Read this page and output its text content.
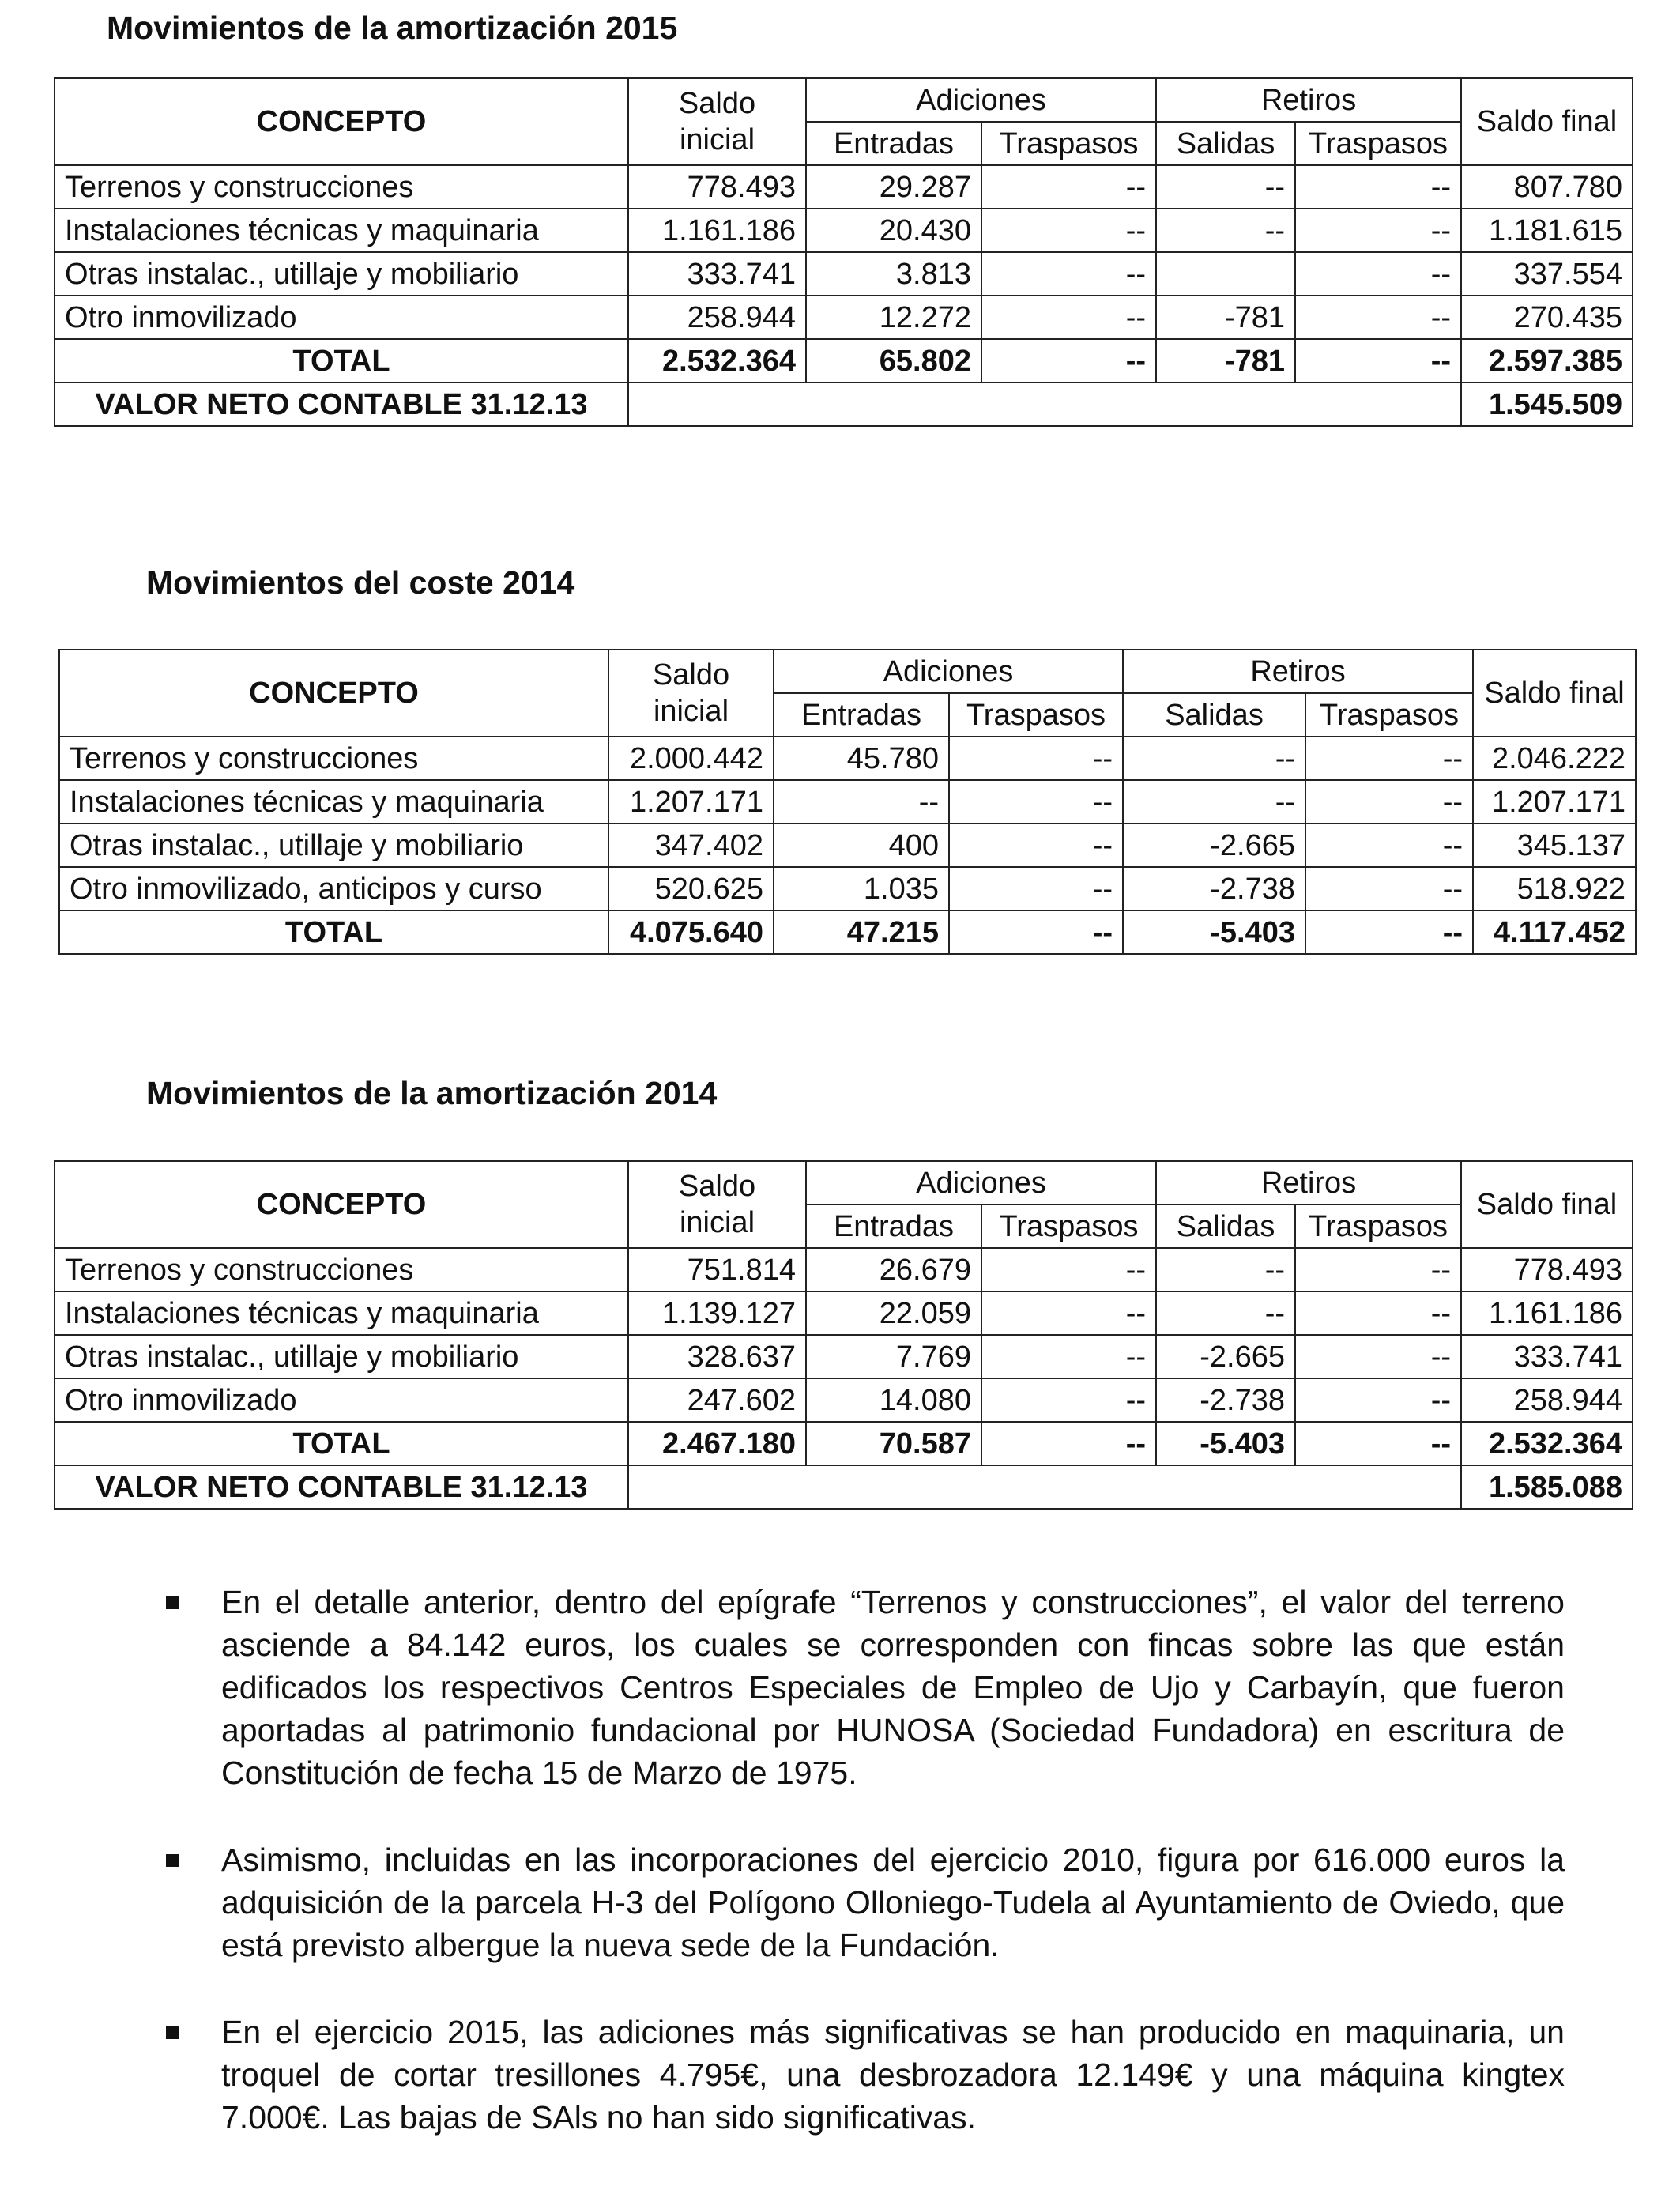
Movimientos de la amortización 2015
CONCEPTO	Saldo inicial	Adiciones		Retiros		Saldo final
		Entradas	Traspasos	Salidas	Traspasos	
Terrenos y construcciones	778.493	29.287	--	--	--	807.780
Instalaciones técnicas y maquinaria	1.161.186	20.430	--	--	--	1.181.615
Otras instalac., utillaje y mobiliario	333.741	3.813	--		--	337.554
Otro inmovilizado	258.944	12.272	--	-781	--	270.435
TOTAL	2.532.364	65.802	--	-781	--	2.597.385
VALOR NETO CONTABLE 31.12.13						1.545.509
Movimientos del coste 2014
CONCEPTO	Saldo inicial	Adiciones		Retiros		Saldo final
		Entradas	Traspasos	Salidas	Traspasos	
Terrenos y construcciones	2.000.442	45.780	--	--	--	2.046.222
Instalaciones técnicas y maquinaria	1.207.171	--	--	--	--	1.207.171
Otras instalac., utillaje y mobiliario	347.402	400	--	-2.665	--	345.137
Otro inmovilizado, anticipos y curso	520.625	1.035	--	-2.738	--	518.922
TOTAL	4.075.640	47.215	--	-5.403	--	4.117.452
Movimientos de la amortización 2014
CONCEPTO	Saldo inicial	Adiciones		Retiros		Saldo final
		Entradas	Traspasos	Salidas	Traspasos	
Terrenos y construcciones	751.814	26.679	--	--	--	778.493
Instalaciones técnicas y maquinaria	1.139.127	22.059	--	--	--	1.161.186
Otras instalac., utillaje y mobiliario	328.637	7.769	--	-2.665	--	333.741
Otro inmovilizado	247.602	14.080	--	-2.738	--	258.944
TOTAL	2.467.180	70.587	--	-5.403	--	2.532.364
VALOR NETO CONTABLE 31.12.13						1.585.088
En el detalle anterior, dentro del epígrafe “Terrenos y construcciones”, el valor del terreno asciende a 84.142 euros, los cuales se corresponden con fincas sobre las que están edificados los respectivos Centros Especiales de Empleo de Ujo y Carbayín, que fueron aportadas al patrimonio fundacional por HUNOSA (Sociedad Fundadora) en escritura de Constitución de fecha 15 de Marzo de 1975.
Asimismo, incluidas en las incorporaciones del ejercicio 2010, figura por 616.000 euros la adquisición de la parcela H-3 del Polígono Olloniego-Tudela al Ayuntamiento de Oviedo, que está previsto albergue la nueva sede de la Fundación.
En el ejercicio 2015, las adiciones más significativas se han producido en maquinaria, un troquel de cortar tresillones 4.795€, una desbrozadora 12.149€ y una máquina kingtex 7.000€. Las bajas de SAls no han sido significativas.
